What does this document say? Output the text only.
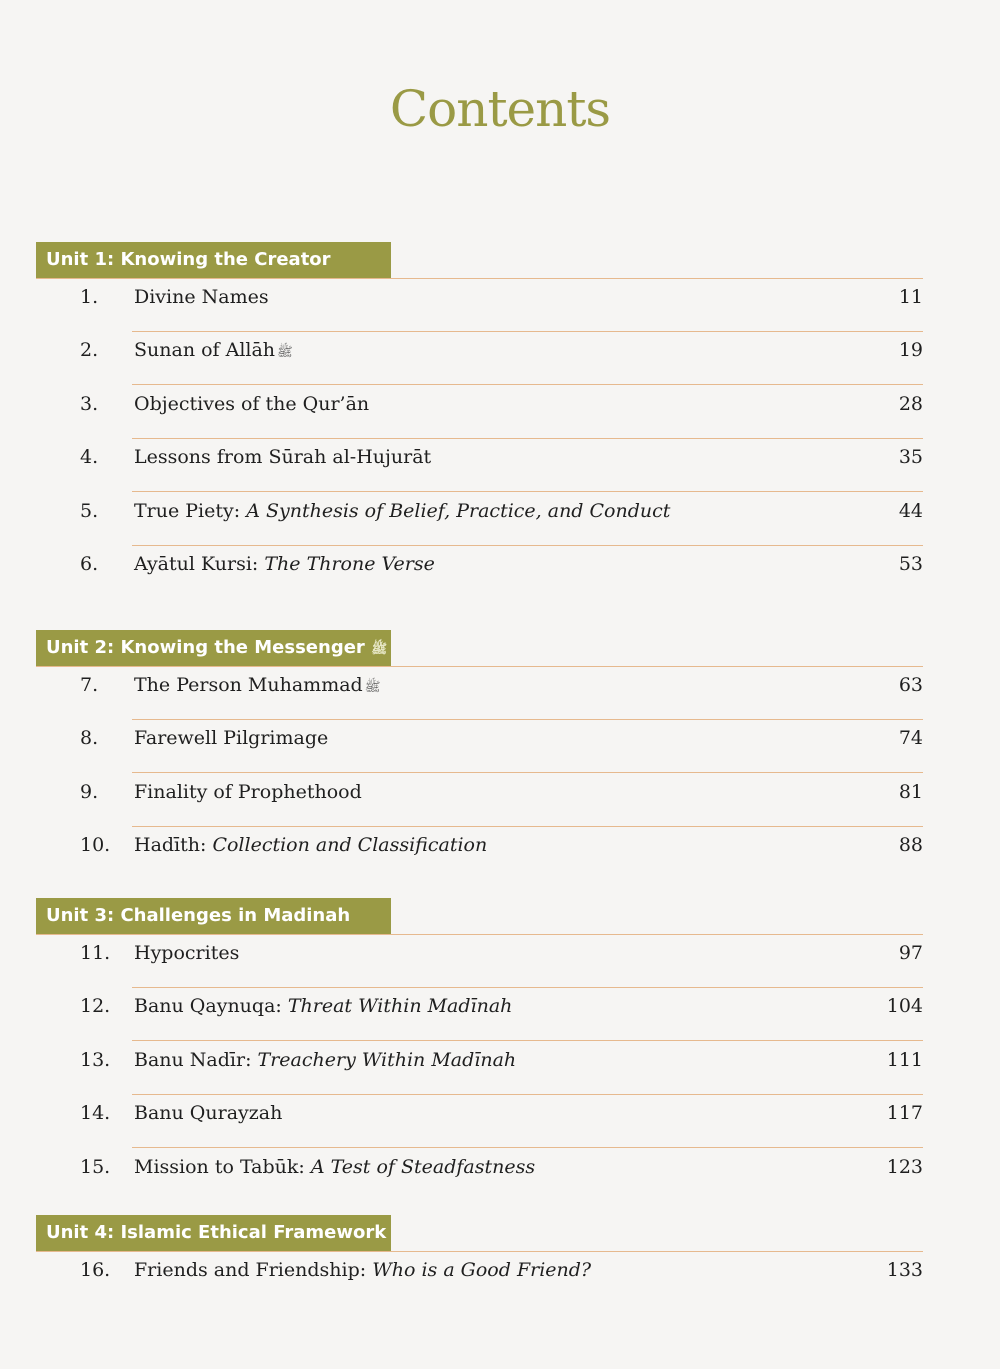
Contents
Unit 1: Knowing the Creator
1.	Divine Names	11
2.	Sunan of Allāh ﷺ	19
3.	Objectives of the Qur’ān	28
4.	Lessons from Sūrah al-Hujurāt	35
5.	True Piety: A Synthesis of Belief, Practice, and Conduct	44
6.	Ayātul Kursi: The Throne Verse	53
Unit 2: Knowing the Messenger ﷺ
7.	The Person Muhammad ﷺ	63
8.	Farewell Pilgrimage	74
9.	Finality of Prophethood	81
10.	Hadīth: Collection and Classification	88
Unit 3: Challenges in Madinah
11.	Hypocrites	97
12.	Banu Qaynuqa: Threat Within Madīnah	104
13.	Banu Nadīr: Treachery Within Madīnah	111
14.	Banu Qurayzah	117
15.	Mission to Tabūk: A Test of Steadfastness	123
Unit 4: Islamic Ethical Framework
16.	Friends and Friendship: Who is a Good Friend?	133
